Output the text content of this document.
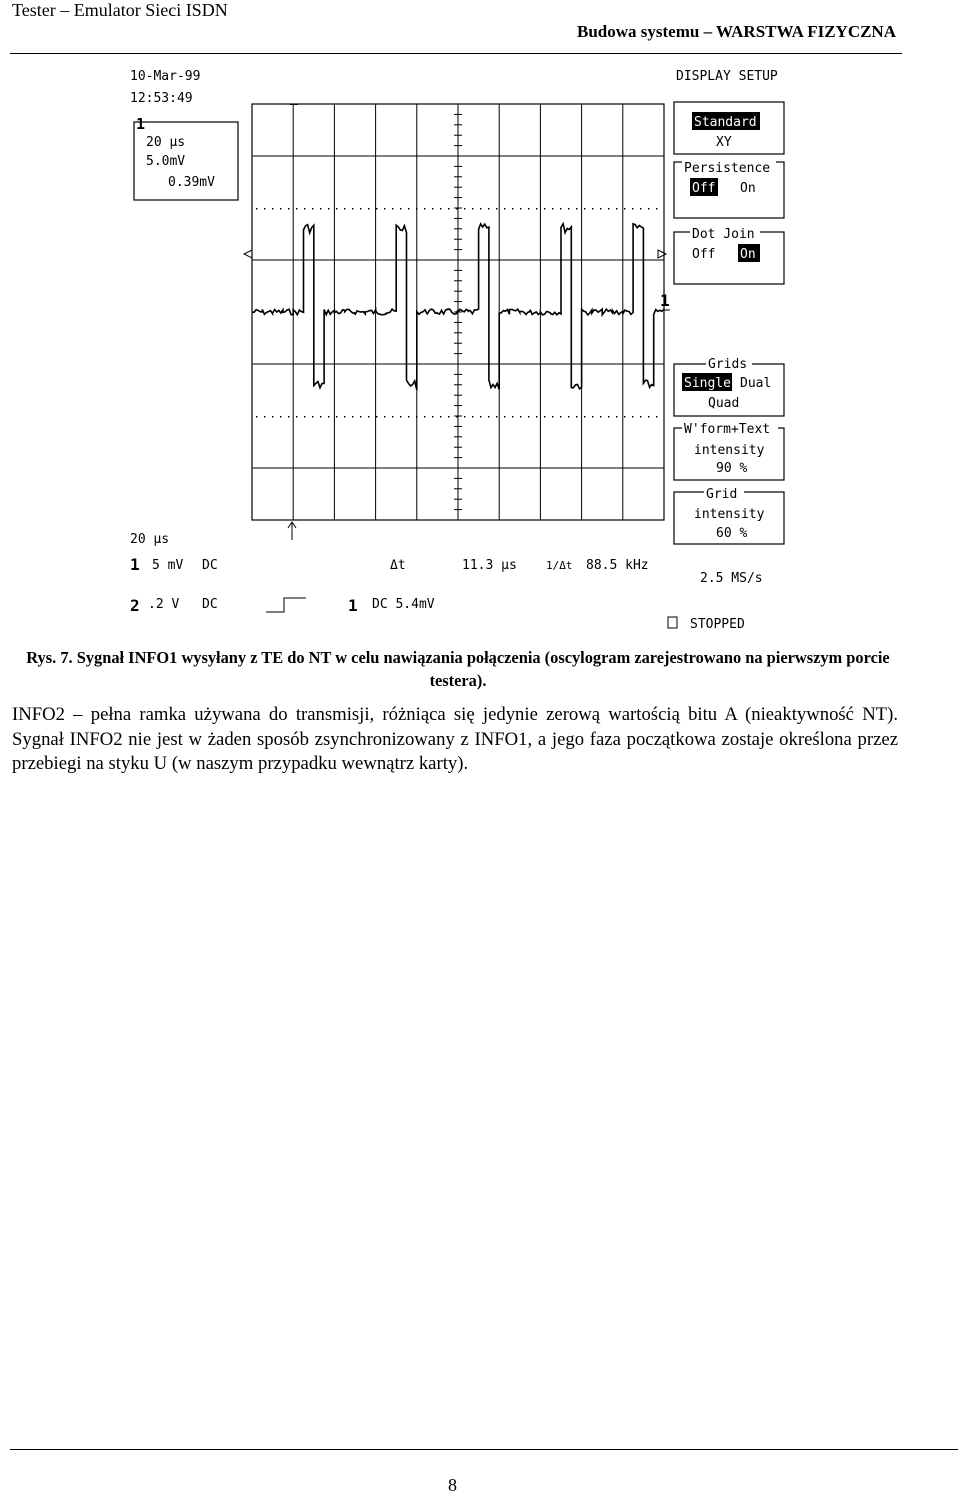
Tester – Emulator Sieci ISDN
Budowa systemu – WARSTWA FIZYCZNA
10-Mar-99
12:53:49
1
20 μs
5.0mV
0.39mV
—
1
20 μs
1 5 mV DC	Δt	11.3 μs	1/Δt 88.5 kHz
2.5 MS/s
2 .2 V DC	1 DC 5.4mV
STOPPED
DISPLAY SETUP
Standard
XY
Persistence
Off On
Dot Join
Off On
Grids
Single Dual
Quad
W'form+Text
intensity
90 %
Grid
intensity
60 %
Rys. 7. Sygnał INFO1 wysyłany z TE do NT w celu nawiązania połączenia (oscylogram zarejestrowano na pierwszym porcie testera).
INFO2 – pełna ramka używana do transmisji, różniąca się jedynie zerową wartością bitu A (nieaktywność NT). Sygnał INFO2 nie jest w żaden sposób zsynchronizowany z INFO1, a jego faza początkowa zostaje określona przez przebiegi na styku U (w naszym przypadku wewnątrz karty).
8
